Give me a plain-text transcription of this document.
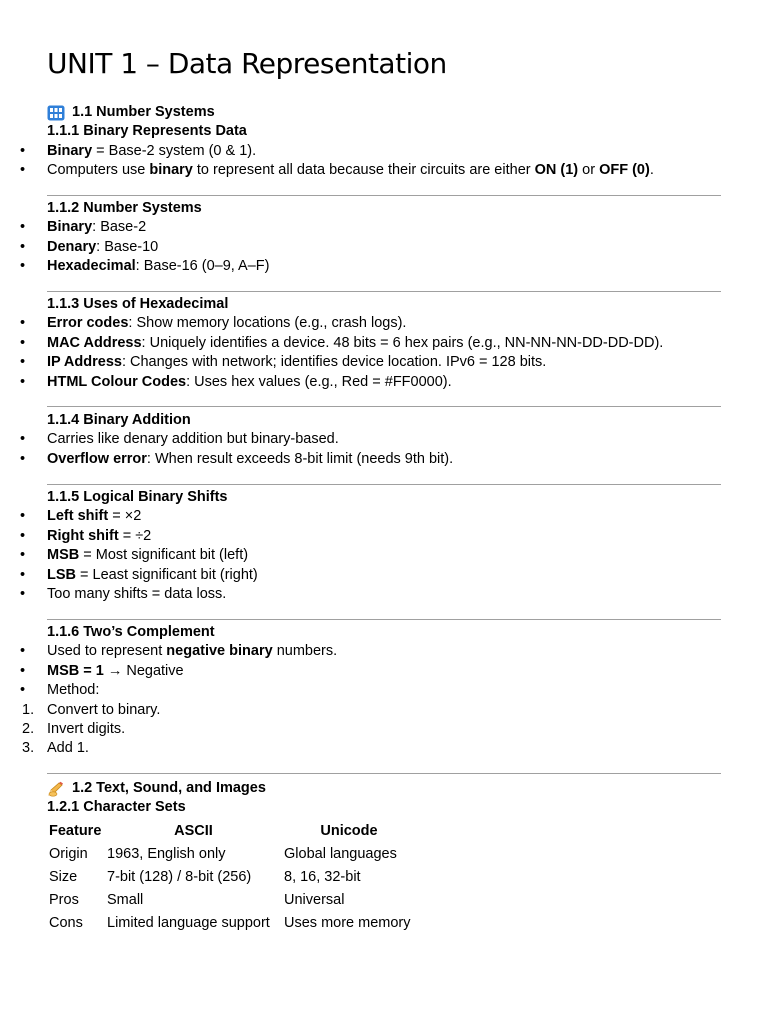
UNIT 1 – Data Representation
1.1 Number Systems
1.1.1 Binary Represents Data
•	Binary = Base-2 system (0 & 1).
•	Computers use binary to represent all data because their circuits are either ON (1) or OFF (0).
1.1.2 Number Systems
•	Binary: Base-2
•	Denary: Base-10
•	Hexadecimal: Base-16 (0–9, A–F)
1.1.3 Uses of Hexadecimal
•	Error codes: Show memory locations (e.g., crash logs).
•	MAC Address: Uniquely identifies a device. 48 bits = 6 hex pairs (e.g., NN-NN-NN-DD-DD-DD).
•	IP Address: Changes with network; identifies device location. IPv6 = 128 bits.
•	HTML Colour Codes: Uses hex values (e.g., Red = #FF0000).
1.1.4 Binary Addition
•	Carries like denary addition but binary-based.
•	Overflow error: When result exceeds 8-bit limit (needs 9th bit).
1.1.5 Logical Binary Shifts
•	Left shift = ×2
•	Right shift = ÷2
•	MSB = Most significant bit (left)
•	LSB = Least significant bit (right)
•	Too many shifts = data loss.
1.1.6 Two’s Complement
•	Used to represent negative binary numbers.
•	MSB = 1 → Negative
•	Method:
1. Convert to binary.
2. Invert digits.
3. Add 1.
1.2 Text, Sound, and Images
1.2.1 Character Sets
Feature	ASCII	Unicode
Origin	1963, English only	Global languages
Size	7-bit (128) / 8-bit (256)	8, 16, 32-bit
Pros	Small	Universal
Cons	Limited language support	Uses more memory
